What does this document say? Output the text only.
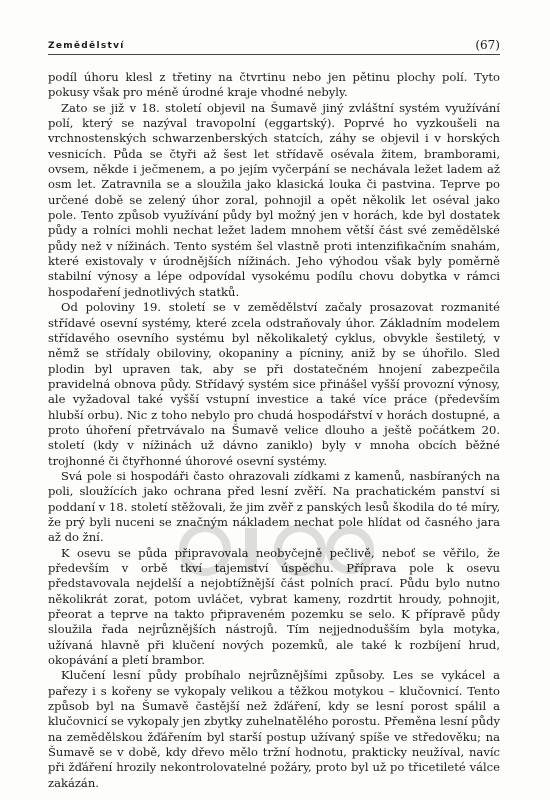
Zemědělství	(67)

podíl úhoru klesl z třetiny na čtvrtinu nebo jen pětinu plochy polí. Tyto pokusy však pro méně úrodné kraje vhodné nebyly.

Zato se již v 18. století objevil na Šumavě jiný zvláštní systém využívání polí, který se nazýval travopolní (eggartský). Poprvé ho vyzkoušeli na vrchnostenských schwarzenberských statcích, záhy se objevil i v horských vesnicích. Půda se čtyři až šest let střídavě osévala žitem, bramborami, ovsem, někde i ječmenem, a po jejím vyčerpání se nechávala ležet ladem až osm let. Zatravnila se a sloužila jako klasická louka či pastvina. Teprve po určené době se zelený úhor zoral, pohnojil a opět několik let oséval jako pole. Tento způsob využívání půdy byl možný jen v horách, kde byl dostatek půdy a rolníci mohli nechat ležet ladem mnohem větší část své zemědělské půdy než v nížinách. Tento systém šel vlastně proti intenzifikačním snahám, které existovaly v úrodnějších nížinách. Jeho výhodou však byly poměrně stabilní výnosy a lépe odpovídal vysokému podílu chovu dobytka v rámci hospodaření jednotlivých statků.

Od poloviny 19. století se v zemědělství začaly prosazovat rozmanité střídavé osevní systémy, které zcela odstraňovaly úhor. Základním modelem střídavého osevního systému byl několikaletý cyklus, obvykle šestiletý, v němž se střídaly obiloviny, okopaniny a pícniny, aniž by se úhořilo. Sled plodin byl upraven tak, aby se při dostatečném hnojení zabezpečila pravidelná obnova půdy. Střídavý systém sice přinášel vyšší provozní výnosy, ale vyžadoval také vyšší vstupní investice a také více práce (především hlubší orbu). Nic z toho nebylo pro chudá hospodářství v horách dostupné, a proto úhoření přetrvávalo na Šumavě velice dlouho a ještě počátkem 20. století (kdy v nížinách už dávno zaniklo) byly v mnoha obcích běžné trojhonné či čtyřhonné úhorové osevní systémy.

Svá pole si hospodáři často ohrazovali zídkami z kamenů, nasbíraných na poli, sloužících jako ochrana před lesní zvěří. Na prachatickém panství si poddaní v 18. století stěžovali, že jim zvěř z panských lesů škodila do té míry, že prý byli nuceni se značným nákladem nechat pole hlídat od časného jara až do žní.

K osevu se půda připravovala neobyčejně pečlivě, neboť se věřilo, že především v orbě tkví tajemství úspěchu. Příprava pole k osevu představovala nejdelší a nejobtížnější část polních prací. Půdu bylo nutno několikrát zorat, potom uvláčet, vybrat kameny, rozdrtit hroudy, pohnojit, přeorat a teprve na takto připraveném pozemku se selo. K přípravě půdy sloužila řada nejrůznějších nástrojů. Tím nejjednodušším byla motyka, užívaná hlavně při klučení nových pozemků, ale také k rozbíjení hrud, okopávání a pletí brambor.

Klučení lesní půdy probíhalo nejrůznějšími způsoby. Les se vykácel a pařezy i s kořeny se vykopaly velikou a těžkou motykou – klučovnicí. Tento způsob byl na Šumavě častější než žďáření, kdy se lesní porost spálil a klučovnicí se vykopaly jen zbytky zuhelnatělého porostu. Přeměna lesní půdy na zemědělskou žďářením byl starší postup užívaný spíše ve středověku; na Šumavě se v době, kdy dřevo mělo tržní hodnotu, prakticky neužíval, navíc při žďáření hrozily nekontrolovatelné požáry, proto byl už po třicetileté válce zakázán.
